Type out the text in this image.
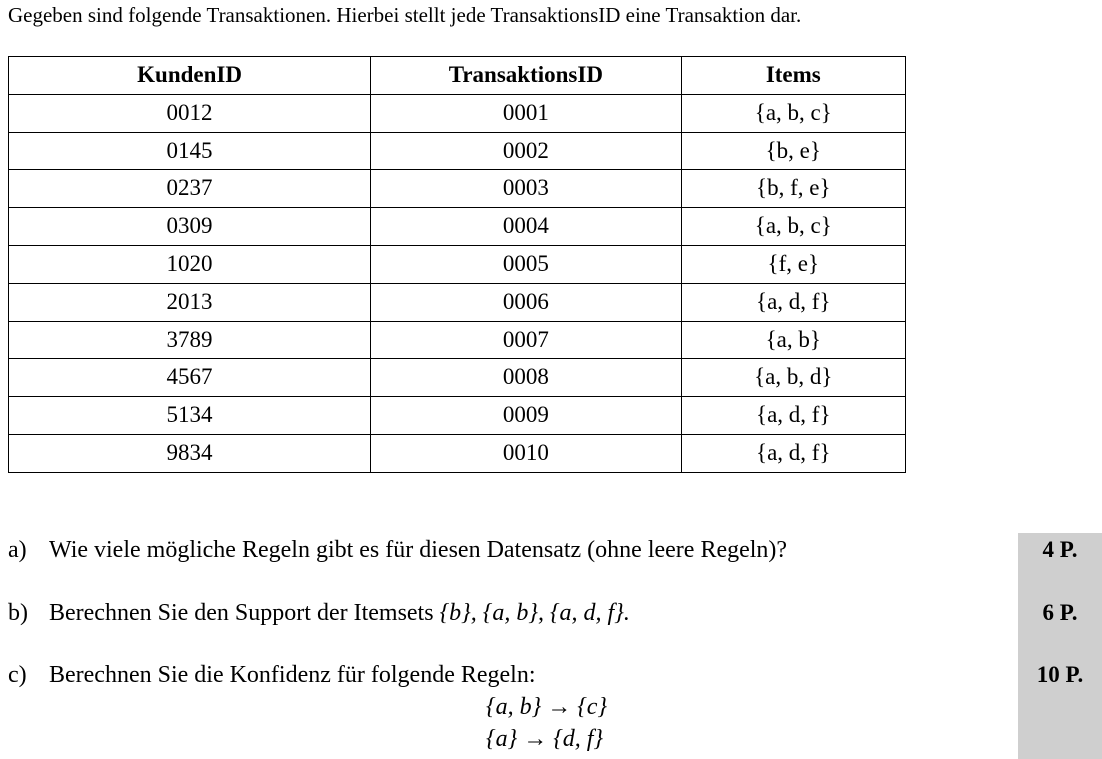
Gegeben sind folgende Transaktionen. Hierbei stellt jede TransaktionsID eine Transaktion dar.
KundenID	TransaktionsID	Items
0012	0001	{a, b, c}
0145	0002	{b, e}
0237	0003	{b, f, e}
0309	0004	{a, b, c}
1020	0005	{f, e}
2013	0006	{a, d, f}
3789	0007	{a, b}
4567	0008	{a, b, d}
5134	0009	{a, d, f}
9834	0010	{a, d, f}
4 P.
6 P.
10 P.
a) Wie viele mögliche Regeln gibt es für diesen Datensatz (ohne leere Regeln)?
b) Berechnen Sie den Support der Itemsets {b}, {a, b}, {a, d, f}.
c) Berechnen Sie die Konfidenz für folgende Regeln:
{a, b} → {c}
{a} → {d, f}
